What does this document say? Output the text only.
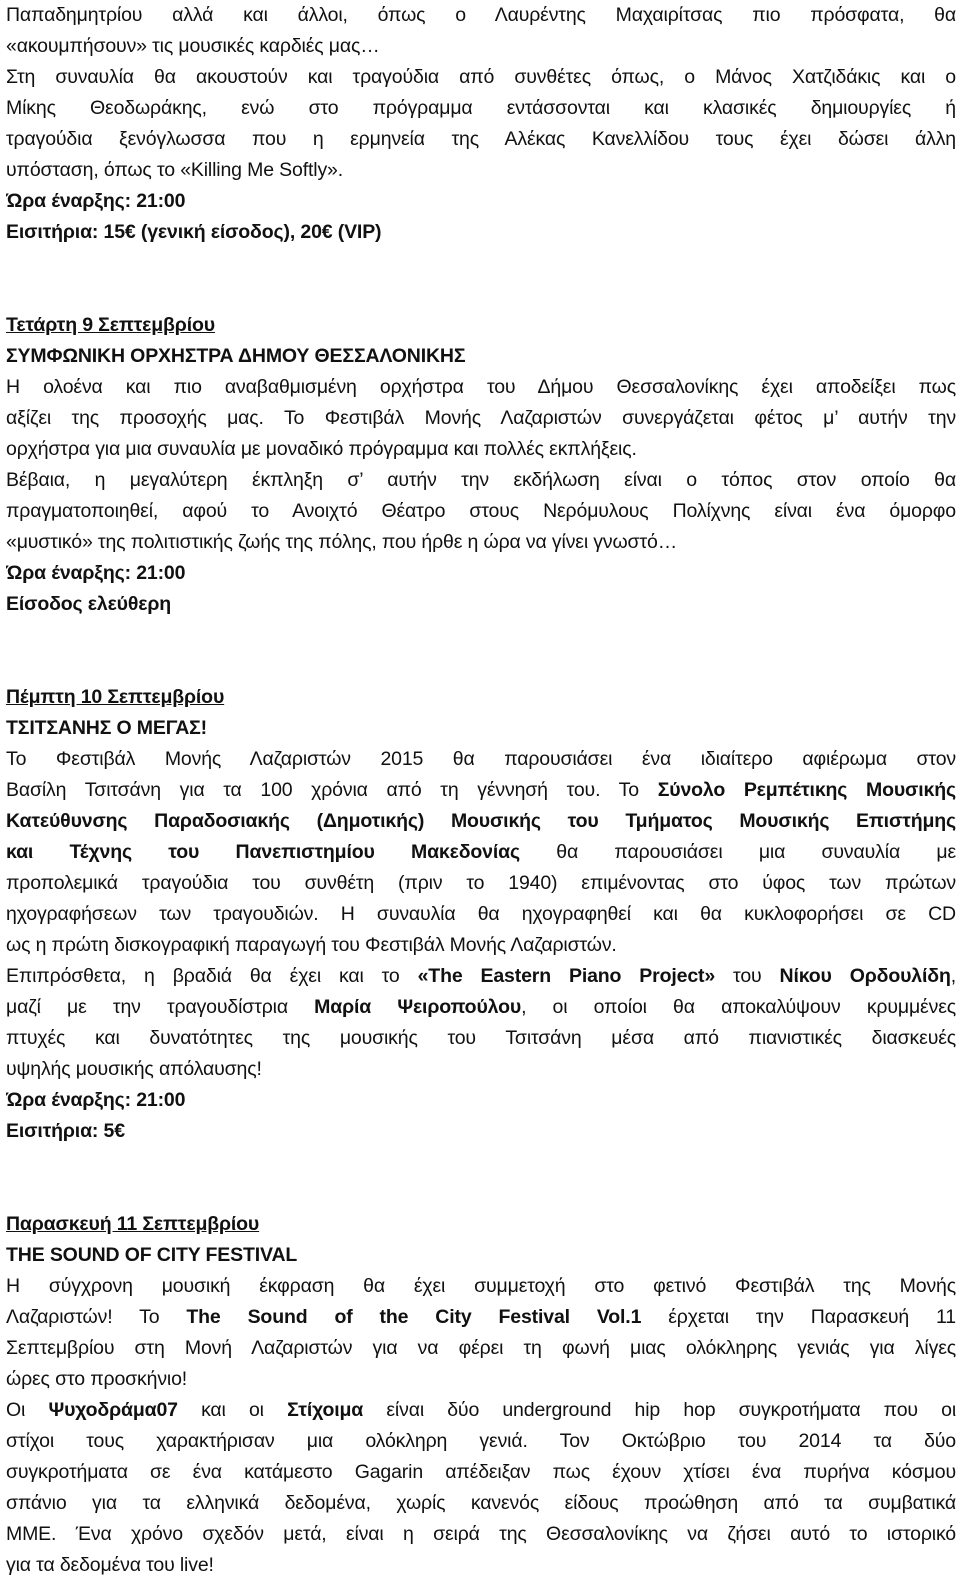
Παπαδημητρίου αλλά και άλλοι, όπως ο Λαυρέντης Μαχαιρίτσας πιο πρόσφατα, θα
«ακουμπήσουν» τις μουσικές καρδιές μας…
Στη συναυλία θα ακουστούν και τραγούδια από συνθέτες όπως, ο Μάνος Χατζιδάκις και ο
Μίκης Θεοδωράκης, ενώ στο πρόγραμμα εντάσσονται και κλασικές δημιουργίες ή
τραγούδια ξενόγλωσσα που η ερμηνεία της Αλέκας Κανελλίδου τους έχει δώσει άλλη
υπόσταση, όπως το «Killing Me Softly».
Ώρα έναρξης: 21:00
Εισιτήρια: 15€ (γενική είσοδος), 20€ (VIP)
Τετάρτη 9 Σεπτεμβρίου
ΣΥΜΦΩΝΙΚΗ ΟΡΧΗΣΤΡΑ ΔΗΜΟΥ ΘΕΣΣΑΛΟΝΙΚΗΣ
Η ολοένα και πιο αναβαθμισμένη ορχήστρα του Δήμου Θεσσαλονίκης έχει αποδείξει πως
αξίζει της προσοχής μας. Το Φεστιβάλ Μονής Λαζαριστών συνεργάζεται φέτος μ’ αυτήν την
ορχήστρα για μια συναυλία με μοναδικό πρόγραμμα και πολλές εκπλήξεις.
Βέβαια, η μεγαλύτερη έκπληξη σ’ αυτήν την εκδήλωση είναι ο τόπος στον οποίο θα
πραγματοποιηθεί, αφού το Ανοιχτό Θέατρο στους Νερόμυλους Πολίχνης είναι ένα όμορφο
«μυστικό» της πολιτιστικής ζωής της πόλης, που ήρθε η ώρα να γίνει γνωστό…
Ώρα έναρξης: 21:00
Είσοδος ελεύθερη
Πέμπτη 10 Σεπτεμβρίου
ΤΣΙΤΣΑΝΗΣ Ο ΜΕΓΑΣ!
Το Φεστιβάλ Μονής Λαζαριστών 2015 θα παρουσιάσει ένα ιδιαίτερο αφιέρωμα στον
Βασίλη Τσιτσάνη για τα 100 χρόνια από τη γέννησή του. Το Σύνολο Ρεμπέτικης Μουσικής
Κατεύθυνσης Παραδοσιακής (Δημοτικής) Μουσικής του Τμήματος Μουσικής Επιστήμης
και Τέχνης του Πανεπιστημίου Μακεδονίας θα παρουσιάσει μια συναυλία με
προπολεμικά τραγούδια του συνθέτη (πριν το 1940) επιμένοντας στο ύφος των πρώτων
ηχογραφήσεων των τραγουδιών. Η συναυλία θα ηχογραφηθεί και θα κυκλοφορήσει σε CD
ως η πρώτη δισκογραφική παραγωγή του Φεστιβάλ Μονής Λαζαριστών.
Επιπρόσθετα, η βραδιά θα έχει και το «The Eastern Piano Project» του Νίκου Ορδουλίδη,
μαζί με την τραγουδίστρια Μαρία Ψειροπούλου, οι οποίοι θα αποκαλύψουν κρυμμένες
πτυχές και δυνατότητες της μουσικής του Τσιτσάνη μέσα από πιανιστικές διασκευές
υψηλής μουσικής απόλαυσης!
Ώρα έναρξης: 21:00
Εισιτήρια: 5€
Παρασκευή 11 Σεπτεμβρίου
THE SOUND OF CITY FESTIVAL
Η σύγχρονη μουσική έκφραση θα έχει συμμετοχή στο φετινό Φεστιβάλ της Μονής
Λαζαριστών! Το The Sound of the City Festival Vol.1 έρχεται την Παρασκευή 11
Σεπτεμβρίου στη Μονή Λαζαριστών για να φέρει τη φωνή μιας ολόκληρης γενιάς για λίγες
ώρες στο προσκήνιο!
Οι Ψυχοδράμα07 και οι Στίχοιμα είναι δύο underground hip hop συγκροτήματα που οι
στίχοι τους χαρακτήρισαν μια ολόκληρη γενιά. Τον Οκτώβριο του 2014 τα δύο
συγκροτήματα σε ένα κατάμεστο Gagarin απέδειξαν πως έχουν χτίσει ένα πυρήνα κόσμου
σπάνιο για τα ελληνικά δεδομένα, χωρίς κανενός είδους προώθηση από τα συμβατικά
ΜΜΕ. Ένα χρόνο σχεδόν μετά, είναι η σειρά της Θεσσαλονίκης να ζήσει αυτό το ιστορικό
για τα δεδομένα του live!
